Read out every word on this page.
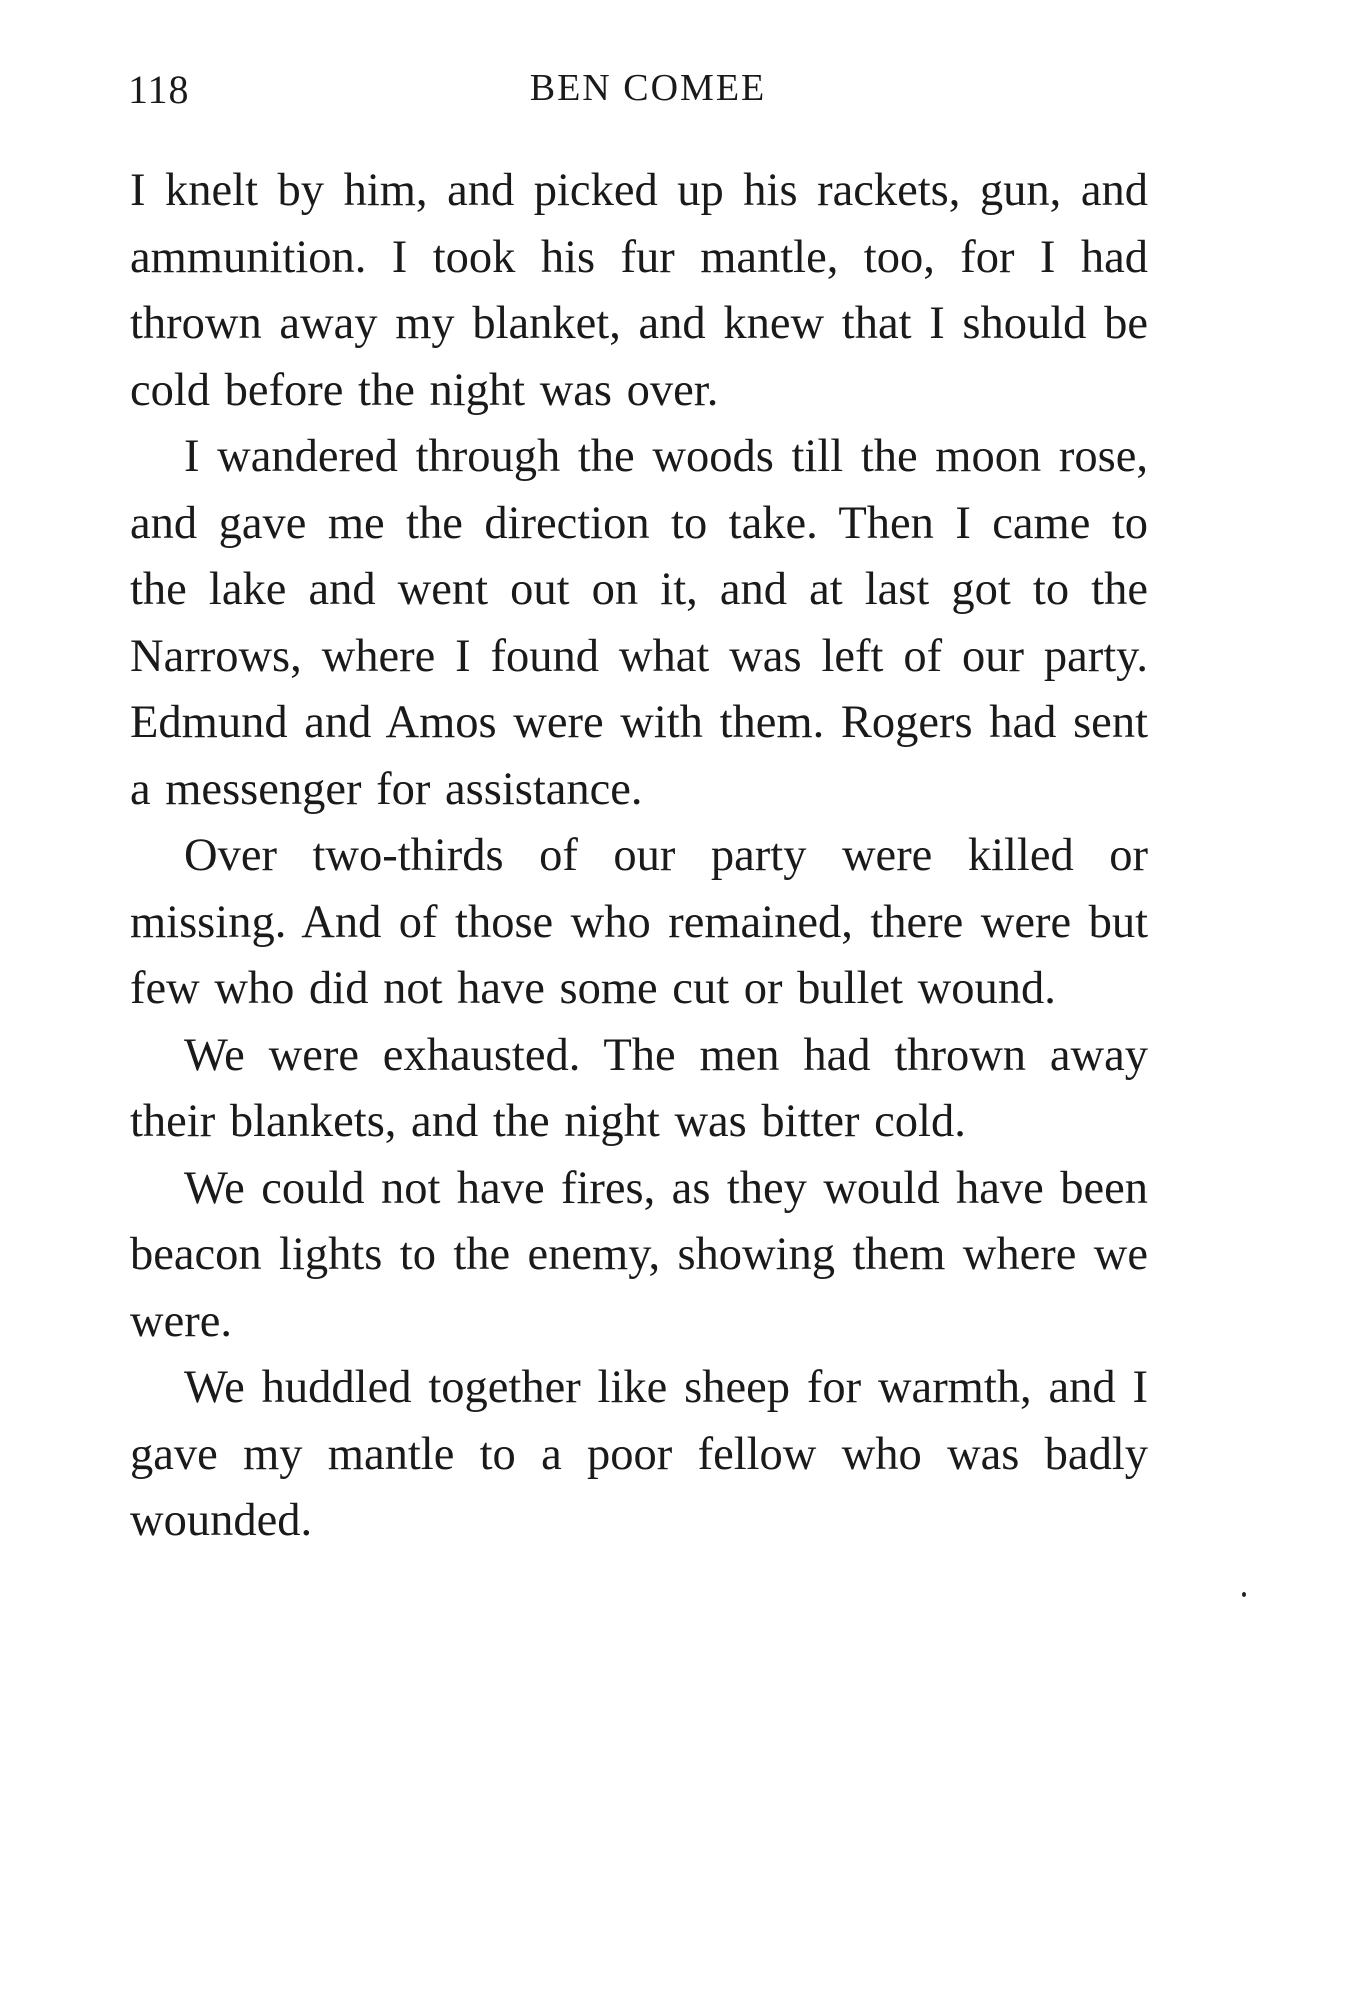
118	BEN COMEE

I knelt by him, and picked up his rackets, gun, and ammunition. I took his fur mantle, too, for I had thrown away my blanket, and knew that I should be cold before the night was over.

I wandered through the woods till the moon rose, and gave me the direction to take. Then I came to the lake and went out on it, and at last got to the Narrows, where I found what was left of our party. Edmund and Amos were with them. Rogers had sent a messenger for assistance.

Over two-thirds of our party were killed or missing. And of those who remained, there were but few who did not have some cut or bullet wound.

We were exhausted. The men had thrown away their blankets, and the night was bitter cold.

We could not have fires, as they would have been beacon lights to the enemy, showing them where we were.

We huddled together like sheep for warmth, and I gave my mantle to a poor fellow who was badly wounded.
